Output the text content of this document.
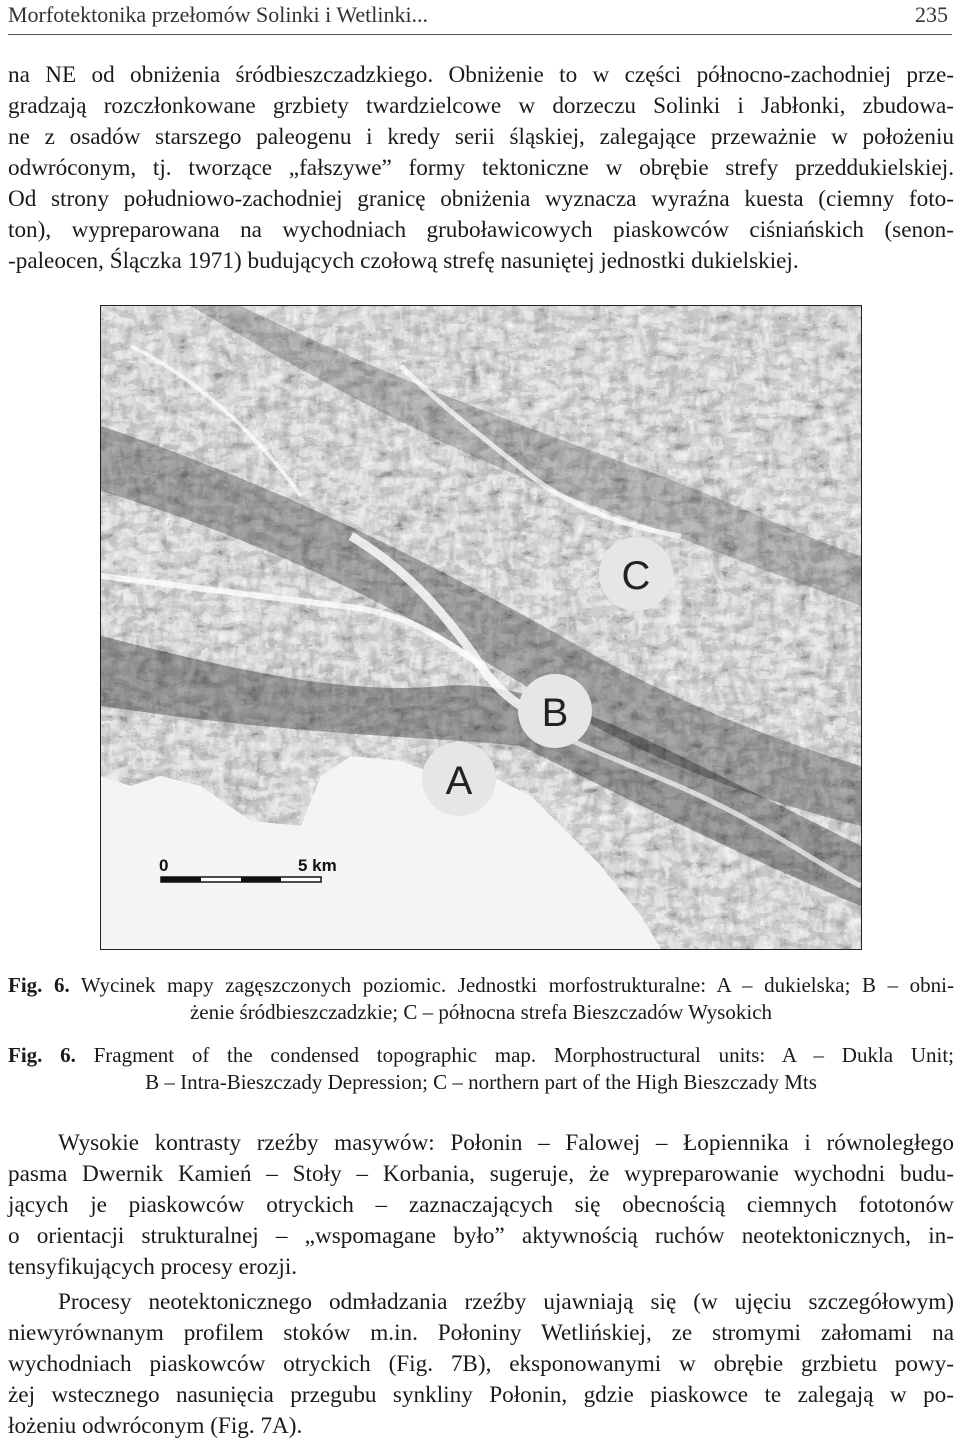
Morfotektonika przełomów Solinki i Wetlinki...	235
na NE od obniżenia śródbieszczadzkiego. Obniżenie to w części północno-zachodniej prze-
gradzają rozczłonkowane grzbiety twardzielcowe w dorzeczu Solinki i Jabłonki, zbudowa-
ne z osadów starszego paleogenu i kredy serii śląskiej, zalegające przeważnie w położeniu
odwróconym, tj. tworzące „fałszywe” formy tektoniczne w obrębie strefy przeddukielskiej.
Od strony południowo-zachodniej granicę obniżenia wyznacza wyraźna kuesta (ciemny foto-
ton), wypreparowana na wychodniach gruboławicowych piaskowców ciśniańskich (senon-
-paleocen, Ślączka 1971) budujących czołową strefę nasuniętej jednostki dukielskiej.
C
B
A
0	5 km
Fig. 6. Wycinek mapy zagęszczonych poziomic. Jednostki morfostrukturalne: A – dukielska; B – obni-
żenie śródbieszczadzkie; C – północna strefa Bieszczadów Wysokich
Fig. 6. Fragment of the condensed topographic map. Morphostructural units: A – Dukla Unit;
B – Intra-Bieszczady Depression; C – northern part of the High Bieszczady Mts
Wysokie kontrasty rzeźby masywów: Połonin – Falowej – Łopiennika i równoległego
pasma Dwernik Kamień – Stoły – Korbania, sugeruje, że wypreparowanie wychodni budu-
jących je piaskowców otryckich – zaznaczających się obecnością ciemnych fototonów
o orientacji strukturalnej – „wspomagane było” aktywnością ruchów neotektonicznych, in-
tensyfikujących procesy erozji.
Procesy neotektonicznego odmładzania rzeźby ujawniają się (w ujęciu szczegółowym)
niewyrównanym profilem stoków m.in. Połoniny Wetlińskiej, ze stromymi załomami na
wychodniach piaskowców otryckich (Fig. 7B), eksponowanymi w obrębie grzbietu powy-
żej wstecznego nasunięcia przegubu synkliny Połonin, gdzie piaskowce te zalegają w po-
łożeniu odwróconym (Fig. 7A).
